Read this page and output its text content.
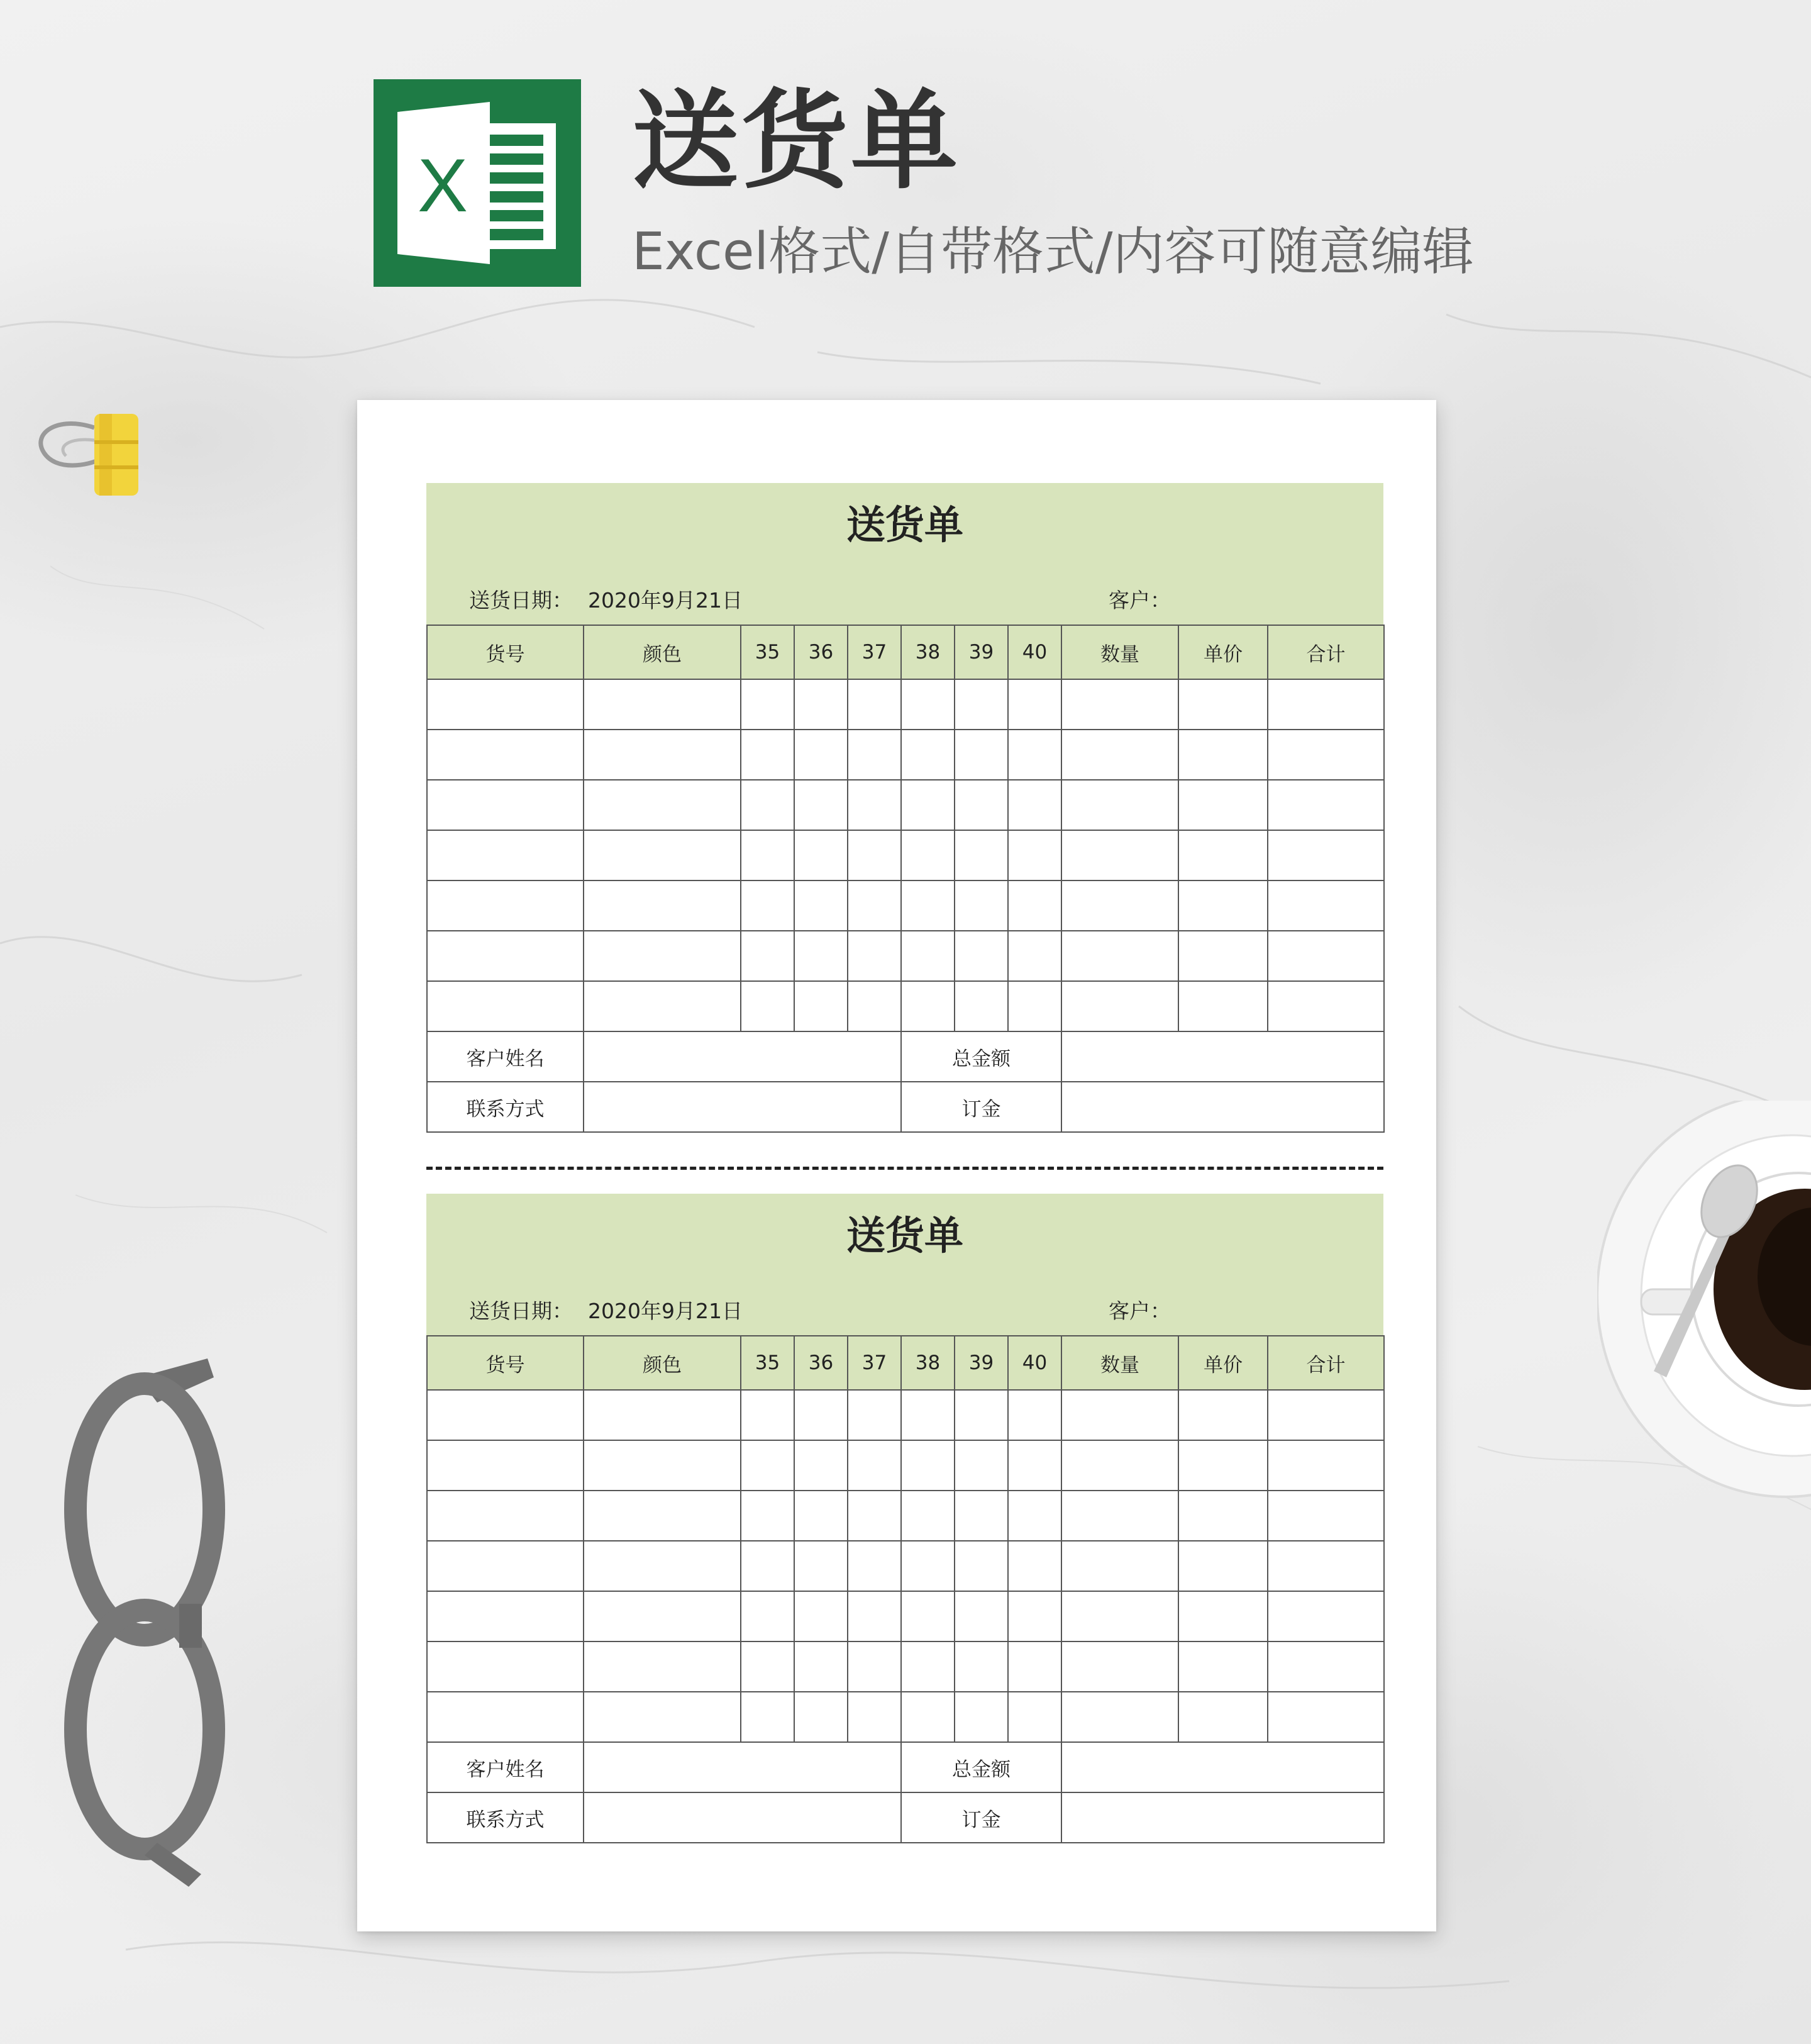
X 送货单
Excel格式/自带格式/内容可随意编辑
送货单
送货日期： 2020年9月21日	客户：
货号	颜色	35	36	37	38	39	40	数量	单价	合计

客户姓名					总金额					
联系方式					订金					
送货单
送货日期： 2020年9月21日	客户：
货号	颜色	35	36	37	38	39	40	数量	单价	合计

客户姓名					总金额					
联系方式					订金					
